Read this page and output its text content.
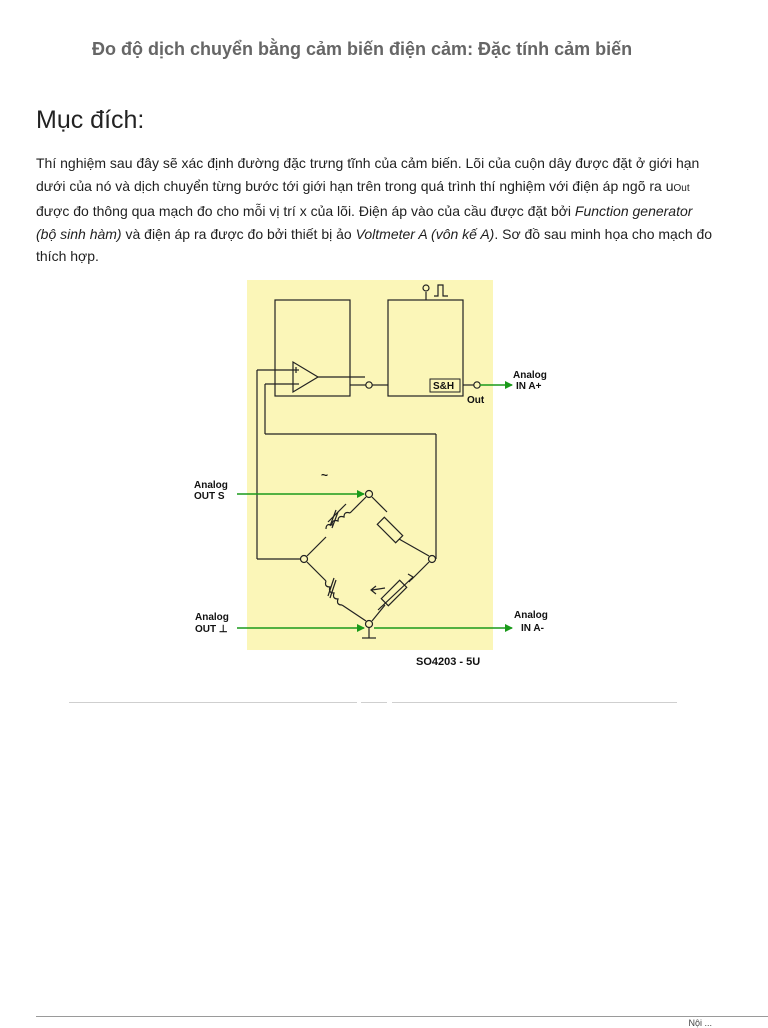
Đo độ dịch chuyển bằng cảm biến điện cảm: Đặc tính cảm biến
Mục đích:

Thí nghiệm sau đây sẽ xác định đường đặc trưng tĩnh của cảm biến. Lõi của cuộn dây được đặt ở giới hạn dưới của nó và dịch chuyển từng bước tới giới hạn trên trong quá trình thí nghiệm với điện áp ngõ ra uOut được đo thông qua mạch đo cho mỗi vị trí x của lõi. Điện áp vào của cầu được đặt bởi Function generator (bộ sinh hàm) và điện áp ra được đo bởi thiết bị ảo Voltmeter A (vôn kế A). Sơ đồ sau minh họa cho mạch đo thích hợp.

S&H
Out
Analog
IN A+
Analog
OUT S
~
Analog
OUT ⊥
Analog
IN A-
SO4203 - 5U
Nội ...
